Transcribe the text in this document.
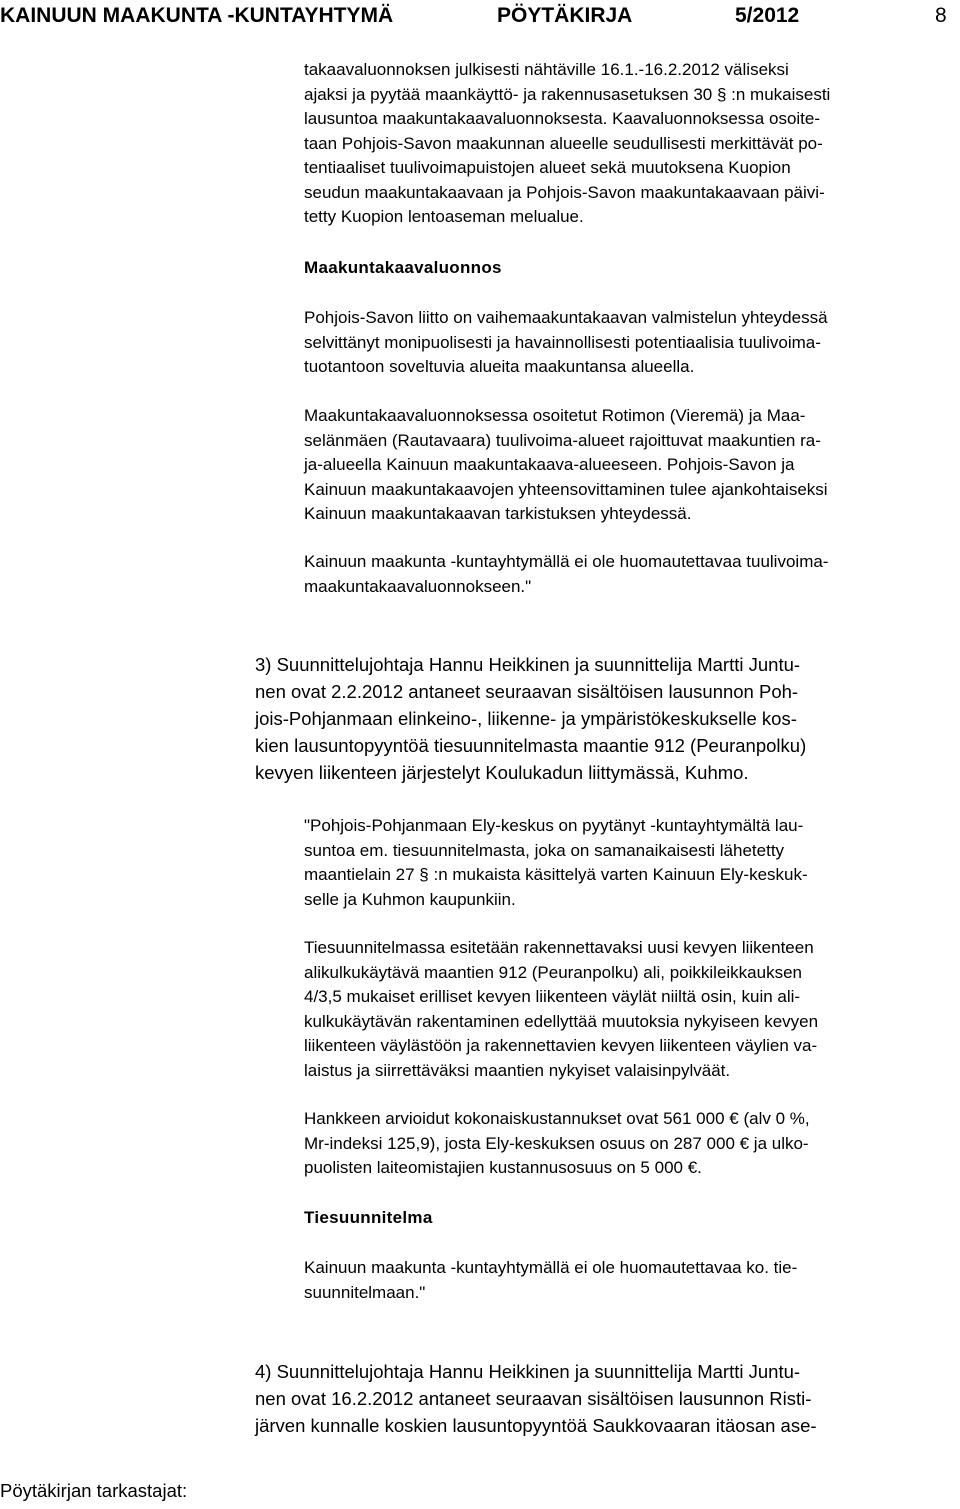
KAINUUN MAAKUNTA -KUNTAYHTYMÄ	PÖYTÄKIRJA	5/2012	8
takaavaluonnoksen julkisesti nähtäville 16.1.-16.2.2012 väliseksi
ajaksi ja pyytää maankäyttö- ja rakennusasetuksen 30 § :n mukaisesti
lausuntoa maakuntakaavaluonnoksesta. Kaavaluonnoksessa osoite-
taan Pohjois-Savon maakunnan alueelle seudullisesti merkittävät po-
tentiaaliset tuulivoimapuistojen alueet sekä muutoksena Kuopion
seudun maakuntakaavaan ja Pohjois-Savon maakuntakaavaan päivi-
tetty Kuopion lentoaseman melualue.
Maakuntakaavaluonnos
Pohjois-Savon liitto on vaihemaakuntakaavan valmistelun yhteydessä
selvittänyt monipuolisesti ja havainnollisesti potentiaalisia tuulivoima-
tuotantoon soveltuvia alueita maakuntansa alueella.
Maakuntakaavaluonnoksessa osoitetut Rotimon (Vieremä) ja Maa-
selänmäen (Rautavaara) tuulivoima-alueet rajoittuvat maakuntien ra-
ja-alueella Kainuun maakuntakaava-alueeseen. Pohjois-Savon ja
Kainuun maakuntakaavojen yhteensovittaminen tulee ajankohtaiseksi
Kainuun maakuntakaavan tarkistuksen yhteydessä.
Kainuun maakunta -kuntayhtymällä ei ole huomautettavaa tuulivoima-
maakuntakaavaluonnokseen."
3) Suunnittelujohtaja Hannu Heikkinen ja suunnittelija Martti Juntu-
nen ovat 2.2.2012 antaneet seuraavan sisältöisen lausunnon Poh-
jois-Pohjanmaan elinkeino-, liikenne- ja ympäristökeskukselle kos-
kien lausuntopyyntöä tiesuunnitelmasta maantie 912 (Peuranpolku)
kevyen liikenteen järjestelyt Koulukadun liittymässä, Kuhmo.
"Pohjois-Pohjanmaan Ely-keskus on pyytänyt -kuntayhtymältä lau-
suntoa em. tiesuunnitelmasta, joka on samanaikaisesti lähetetty
maantielain 27 § :n mukaista käsittelyä varten Kainuun Ely-keskuk-
selle ja Kuhmon kaupunkiin.
Tiesuunnitelmassa esitetään rakennettavaksi uusi kevyen liikenteen
alikulkukäytävä maantien 912 (Peuranpolku) ali, poikkileikkauksen
4/3,5 mukaiset erilliset kevyen liikenteen väylät niiltä osin, kuin ali-
kulkukäytävän rakentaminen edellyttää muutoksia nykyiseen kevyen
liikenteen väylästöön ja rakennettavien kevyen liikenteen väylien va-
laistus ja siirrettäväksi maantien nykyiset valaisinpylväät.
Hankkeen arvioidut kokonaiskustannukset ovat 561 000 € (alv 0 %,
Mr-indeksi 125,9), josta Ely-keskuksen osuus on 287 000 € ja ulko-
puolisten laiteomistajien kustannusosuus on 5 000 €.
Tiesuunnitelma
Kainuun maakunta -kuntayhtymällä ei ole huomautettavaa ko. tie-
suunnitelmaan."
4) Suunnittelujohtaja Hannu Heikkinen ja suunnittelija Martti Juntu-
nen ovat 16.2.2012 antaneet seuraavan sisältöisen lausunnon Risti-
järven kunnalle koskien lausuntopyyntöä Saukkovaaran itäosan ase-
Pöytäkirjan tarkastajat:
